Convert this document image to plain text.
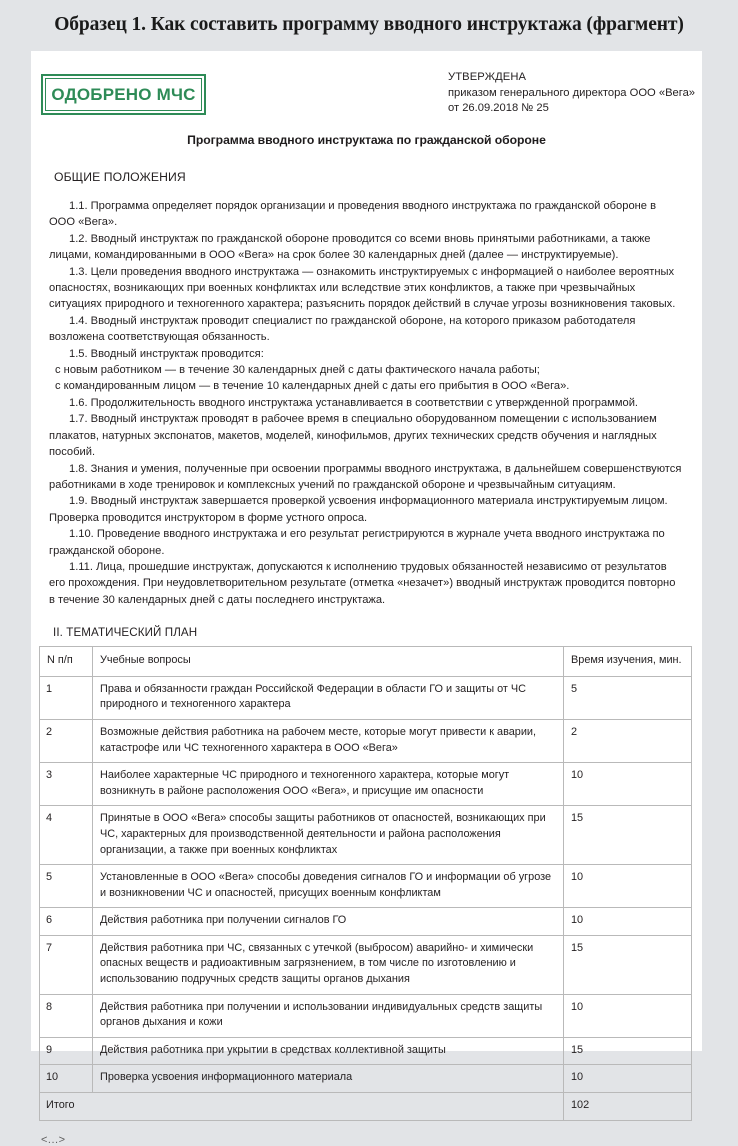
Образец 1. Как составить программу вводного инструктажа (фрагмент)
ОДОБРЕНО МЧС
УТВЕРЖДЕНА
приказом генерального директора ООО «Вега»
от 26.09.2018 № 25
Программа вводного инструктажа по гражданской обороне
ОБЩИЕ ПОЛОЖЕНИЯ

1.1. Программа определяет порядок организации и проведения вводного инструктажа по гражданской обороне в ООО «Вега».

1.2. Вводный инструктаж по гражданской обороне проводится со всеми вновь принятыми работниками, а также лицами, командированными в ООО «Вега» на срок более 30 календарных дней (далее — инструктируемые).

1.3. Цели проведения вводного инструктажа — ознакомить инструктируемых с информацией о наиболее вероятных опасностях, возникающих при военных конфликтах или вследствие этих конфликтов, а также при чрезвычайных ситуациях природного и техногенного характера; разъяснить порядок действий в случае угрозы возникновения таковых.

1.4. Вводный инструктаж проводит специалист по гражданской обороне, на которого приказом работодателя возложена соответствующая обязанность.

1.5. Вводный инструктаж проводится:

с новым работником — в течение 30 календарных дней с даты фактического начала работы;

с командированным лицом — в течение 10 календарных дней с даты его прибытия в ООО «Вега».

1.6. Продолжительность вводного инструктажа устанавливается в соответствии с утвержденной программой.

1.7. Вводный инструктаж проводят в рабочее время в специально оборудованном помещении с использованием плакатов, натурных экспонатов, макетов, моделей, кинофильмов, других технических средств обучения и наглядных пособий.

1.8. Знания и умения, полученные при освоении программы вводного инструктажа, в дальнейшем совершенствуются работниками в ходе тренировок и комплексных учений по гражданской обороне и чрезвычайным ситуациям.

1.9. Вводный инструктаж завершается проверкой усвоения информационного материала инструктируемым лицом. Проверка проводится инструктором в форме устного опроса.

1.10. Проведение вводного инструктажа и его результат регистрируются в журнале учета вводного инструктажа по гражданской обороне.

1.11. Лица, прошедшие инструктаж, допускаются к исполнению трудовых обязанностей независимо от результатов его прохождения. При неудовлетворительном результате (отметка «незачет») вводный инструктаж проводится повторно в течение 30 календарных дней с даты последнего инструктажа.

II. ТЕМАТИЧЕСКИЙ ПЛАН
N п/п	Учебные вопросы	Время изучения, мин.
1	Права и обязанности граждан Российской Федерации в области ГО и защиты от ЧС природного и техногенного характера	5
2	Возможные действия работника на рабочем месте, которые могут привести к аварии, катастрофе или ЧС техногенного характера в ООО «Вега»	2
3	Наиболее характерные ЧС природного и техногенного характера, которые могут возникнуть в районе расположения ООО «Вега», и присущие им опасности	10
4	Принятые в ООО «Вега» способы защиты работников от опасностей, возникающих при ЧС, характерных для производственной деятельности и района расположения организации, а также при военных конфликтах	15
5	Установленные в ООО «Вега» способы доведения сигналов ГО и информации об угрозе и возникновении ЧС и опасностей, присущих военным конфликтам	10
6	Действия работника при получении сигналов ГО	10
7	Действия работника при ЧС, связанных с утечкой (выбросом) аварийно- и химически опасных веществ и радиоактивным загрязнением, в том числе по изготовлению и использованию подручных средств защиты органов дыхания	15
8	Действия работника при получении и использовании индивидуальных средств защиты органов дыхания и кожи	10
9	Действия работника при укрытии в средствах коллективной защиты	15
10	Проверка усвоения информационного материала	10
Итого		102
<...>
